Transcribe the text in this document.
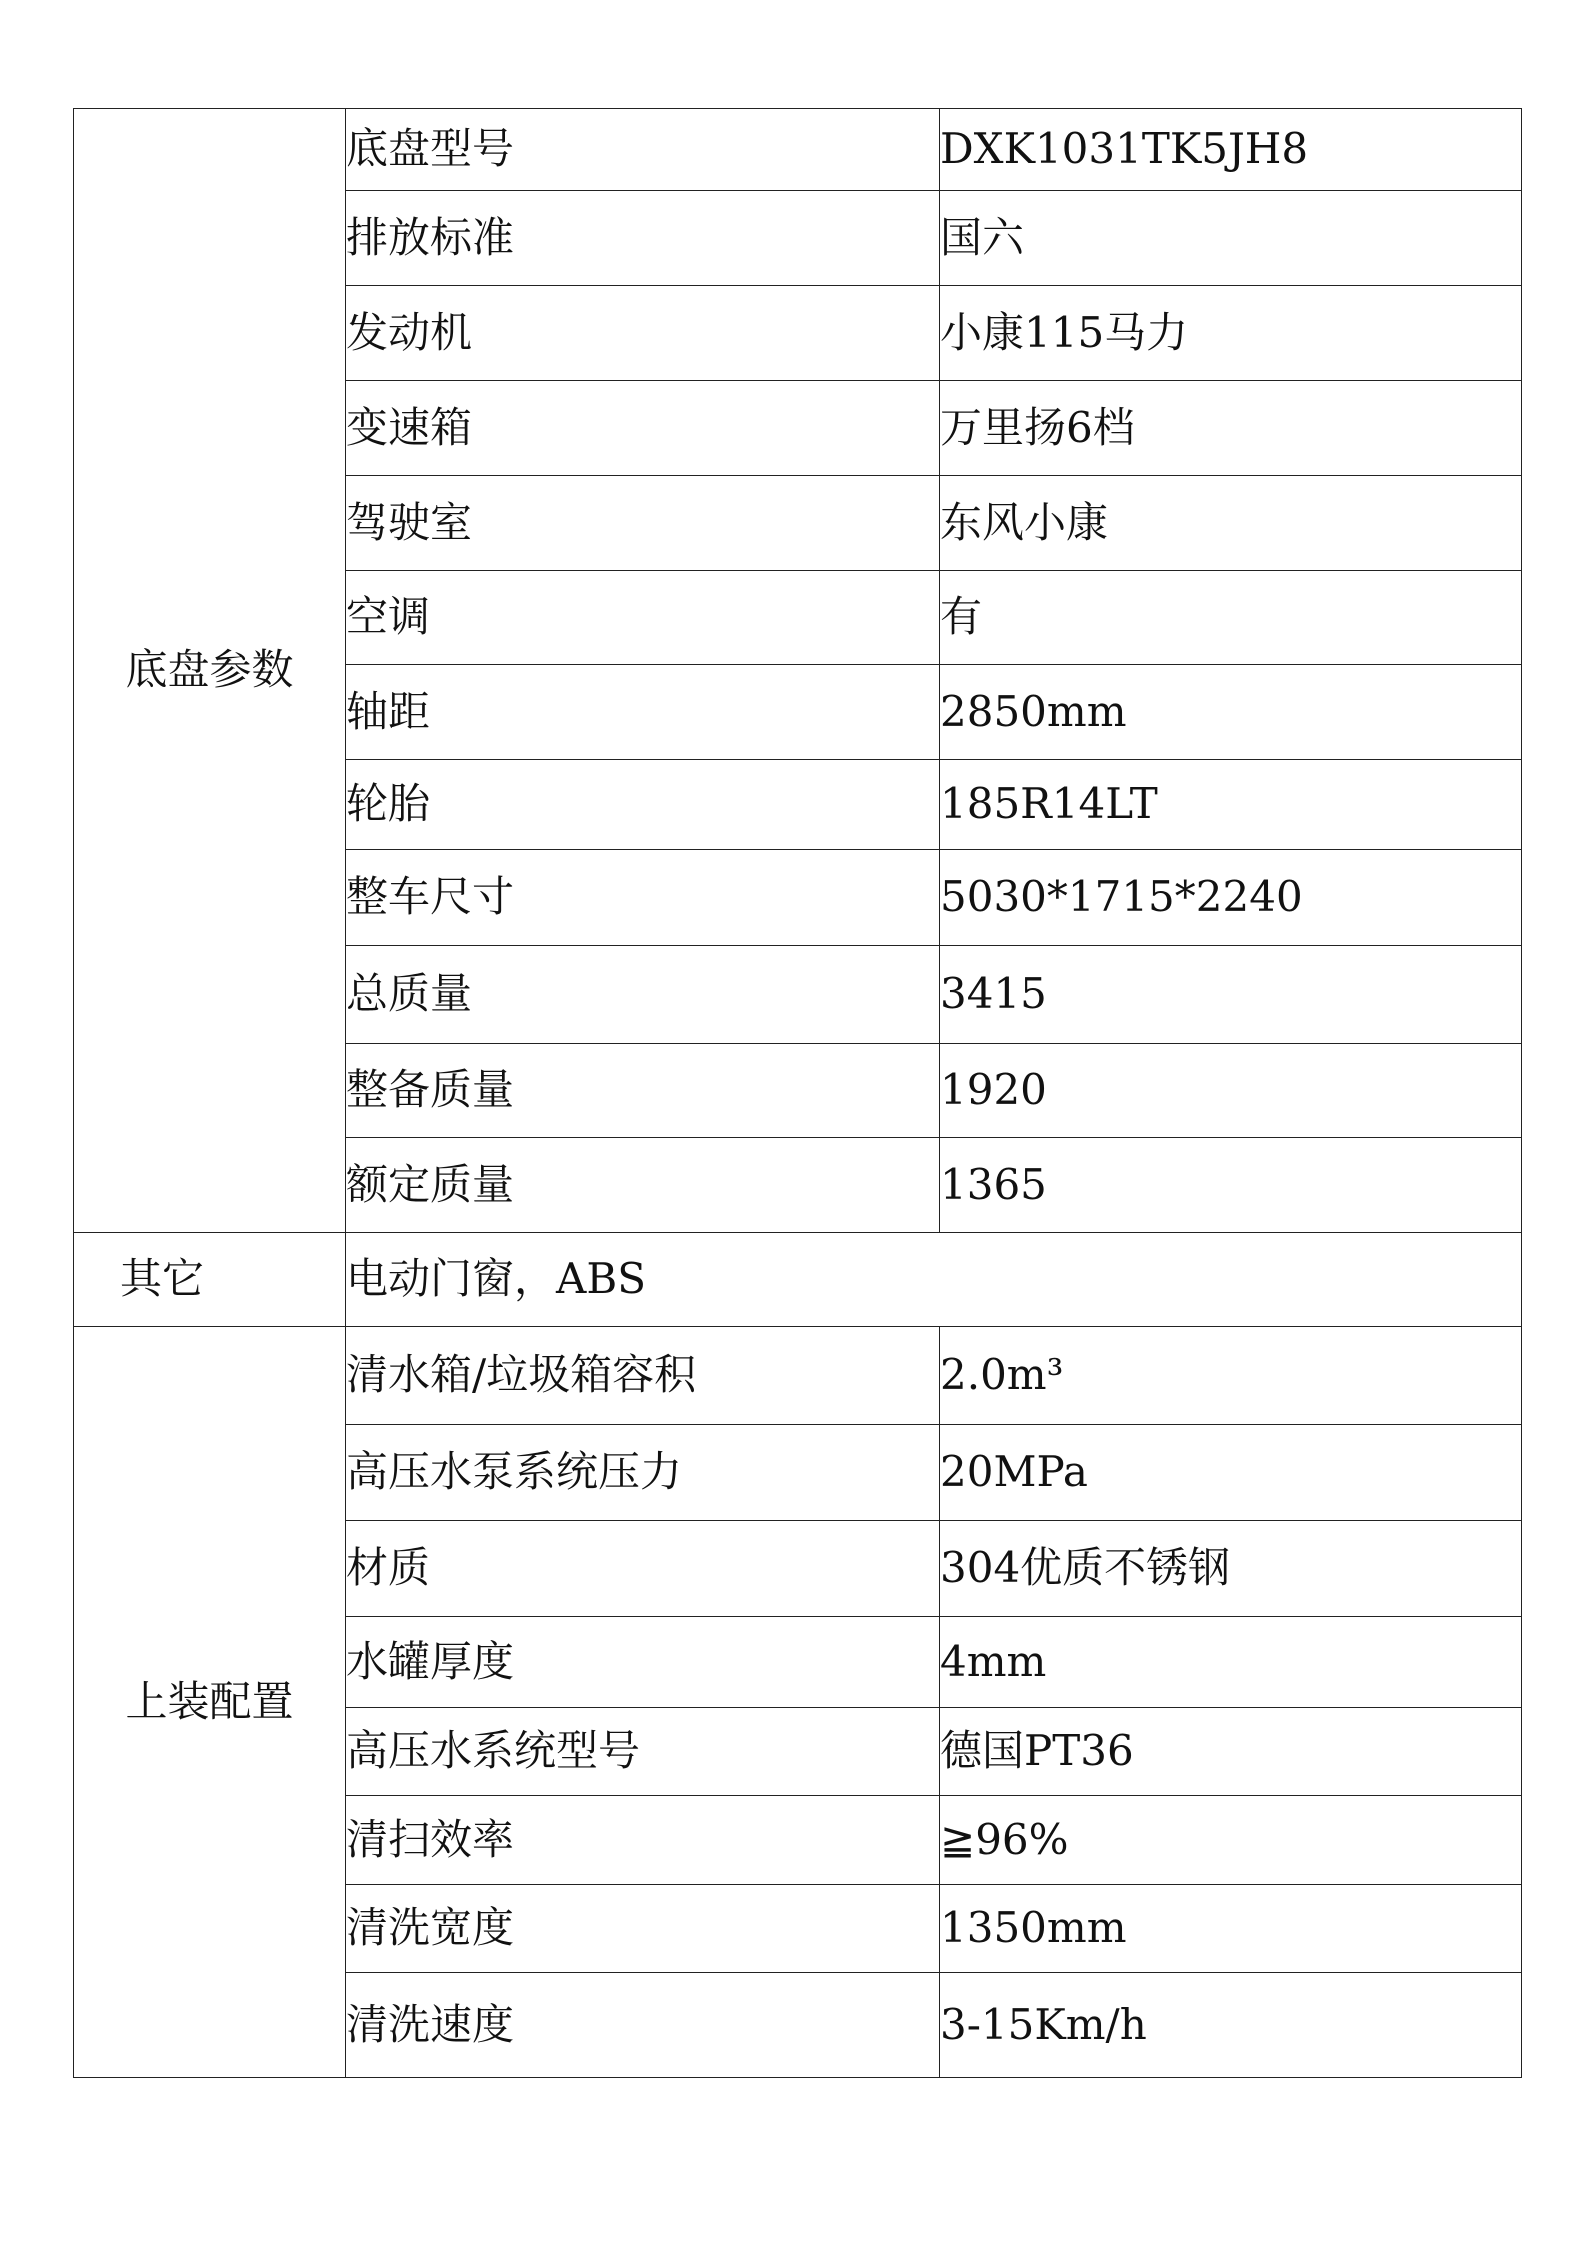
底盘参数	底盘型号	DXK1031TK5JH8
	排放标准	国六
	发动机	小康115马力
	变速箱	万里扬6档
	驾驶室	东风小康
	空调	有
	轴距	2850mm
	轮胎	185R14LT
	整车尺寸	5030*1715*2240
	总质量	3415
	整备质量	1920
	额定质量	1365
其它	电动门窗，ABS	
上装配置	清水箱/垃圾箱容积	2.0m³
	高压水泵系统压力	20MPa
	材质	304优质不锈钢
	水罐厚度	4mm
	高压水系统型号	德国PT36
	清扫效率	≧96%
	清洗宽度	1350mm
	清洗速度	3-15Km/h
